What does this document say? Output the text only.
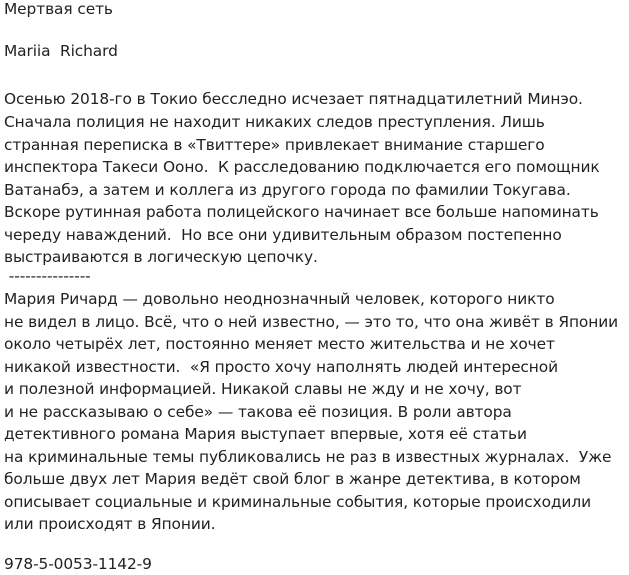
Мертвая сеть
Mariia  Richard
Осенью 2018-го в Токио бесследно исчезает пятнадцатилетний Минэо.
Сначала полиция не находит никаких следов преступления. Лишь
странная переписка в «Твиттере» привлекает внимание старшего
инспектора Такеси Ооно.  К расследованию подключается его помощник
Ватанабэ, а затем и коллега из другого города по фамилии Токугава.
Вскоре рутинная работа полицейского начинает все больше напоминать
череду наваждений.  Но все они удивительным образом постепенно
выстраиваются в логическую цепочку.
---------------
Мария Ричард — довольно неоднозначный человек, которого никто
не видел в лицо. Всё, что о ней известно, — это то, что она живёт в Японии
около четырёх лет, постоянно меняет место жительства и не хочет
никакой известности.  «Я просто хочу наполнять людей интересной
и полезной информацией. Никакой славы не жду и не хочу, вот
и не рассказываю о себе» — такова её позиция. В роли автора
детективного романа Мария выступает впервые, хотя её статьи
на криминальные темы публиковались не раз в известных журналах.  Уже
больше двух лет Мария ведёт свой блог в жанре детектива, в котором
описывает социальные и криминальные события, которые происходили
или происходят в Японии.
978-5-0053-1142-9
